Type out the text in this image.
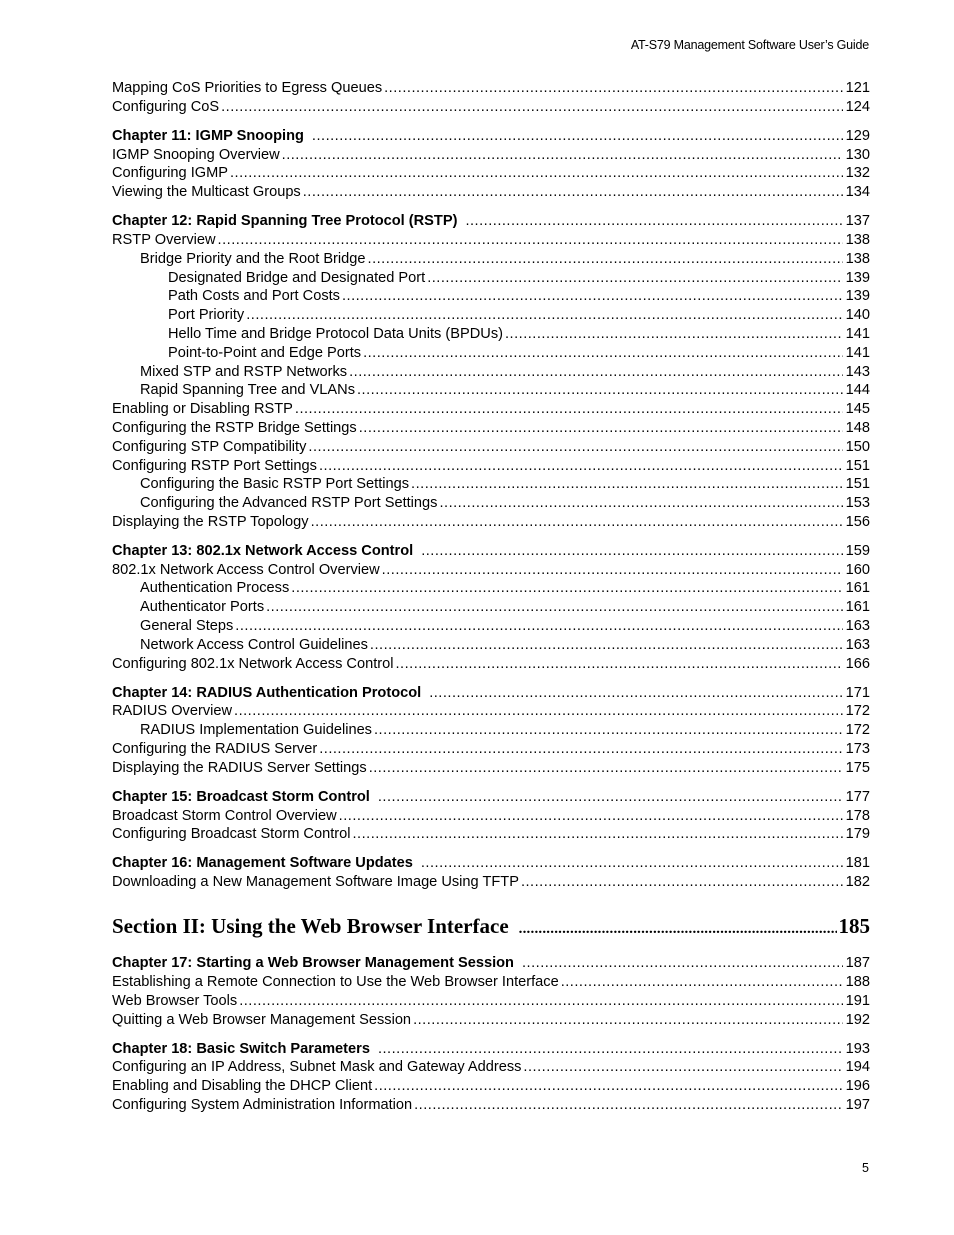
AT-S79 Management Software User’s Guide
Mapping CoS Priorities to Egress Queues .....	121
Configuring CoS .....	124
Chapter 11: IGMP Snooping .....	129
IGMP Snooping Overview .....	130
Configuring IGMP .....	132
Viewing the Multicast Groups .....	134
Chapter 12: Rapid Spanning Tree Protocol (RSTP) .....	137
RSTP Overview .....	138
Bridge Priority and the Root Bridge .....	138
Designated Bridge and Designated Port .....	139
Path Costs and Port Costs .....	139
Port Priority .....	140
Hello Time and Bridge Protocol Data Units (BPDUs) .....	141
Point-to-Point and Edge Ports .....	141
Mixed STP and RSTP Networks .....	143
Rapid Spanning Tree and VLANs .....	144
Enabling or Disabling RSTP .....	145
Configuring the RSTP Bridge Settings .....	148
Configuring STP Compatibility .....	150
Configuring RSTP Port Settings .....	151
Configuring the Basic RSTP Port Settings .....	151
Configuring the Advanced RSTP Port Settings .....	153
Displaying the RSTP Topology .....	156
Chapter 13: 802.1x Network Access Control .....	159
802.1x Network Access Control Overview .....	160
Authentication Process .....	161
Authenticator Ports .....	161
General Steps .....	163
Network Access Control Guidelines .....	163
Configuring 802.1x Network Access Control .....	166
Chapter 14: RADIUS Authentication Protocol .....	171
RADIUS Overview .....	172
RADIUS Implementation Guidelines .....	172
Configuring the RADIUS Server .....	173
Displaying the RADIUS Server Settings .....	175
Chapter 15: Broadcast Storm Control .....	177
Broadcast Storm Control Overview .....	178
Configuring Broadcast Storm Control .....	179
Chapter 16: Management Software Updates .....	181
Downloading a New Management Software Image Using TFTP .....	182
Section II: Using the Web Browser Interface .....	185
Chapter 17: Starting a Web Browser Management Session .....	187
Establishing a Remote Connection to Use the Web Browser Interface .....	188
Web Browser Tools .....	191
Quitting a Web Browser Management Session .....	192
Chapter 18: Basic Switch Parameters .....	193
Configuring an IP Address, Subnet Mask and Gateway Address .....	194
Enabling and Disabling the DHCP Client .....	196
Configuring System Administration Information .....	197
5
